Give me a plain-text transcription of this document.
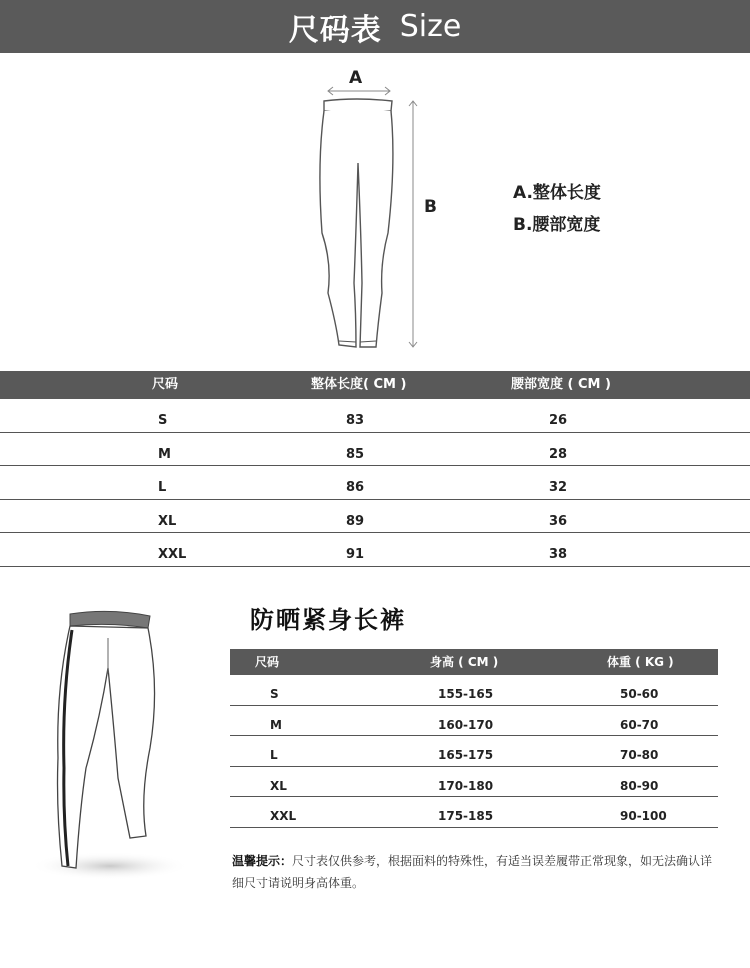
尺码表 Size
A
B
A.整体长度
B.腰部宽度
尺码	整体长度( CM )	腰部宽度 ( CM )
S	83	26
M	85	28
L	86	32
XL	89	36
XXL	91	38
防晒紧身长裤
尺码	身高 ( CM )	体重 ( KG )
S	155-165	50-60
M	160-170	60-70
L	165-175	70-80
XL	170-180	80-90
XXL	175-185	90-100
温馨提示：尺寸表仅供参考，根据面料的特殊性，有适当误差履带正常现象，如无法确认详细尺寸请说明身高体重。
